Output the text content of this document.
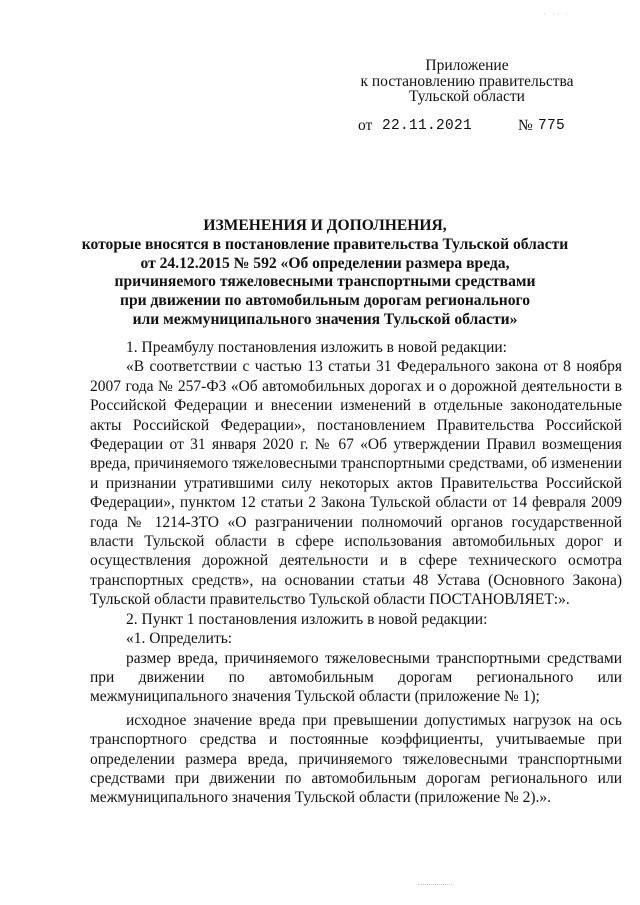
· ·· ·
Приложение
к постановлению правительства
Тульской области
от 22.11.2021	№ 775
ИЗМЕНЕНИЯ И ДОПОЛНЕНИЯ,
которые вносятся в постановление правительства Тульской области
от 24.12.2015 № 592 «Об определении размера вреда,
причиняемого тяжеловесными транспортными средствами
при движении по автомобильным дорогам регионального
или межмуниципального значения Тульской области»

1. Преамбулу постановления изложить в новой редакции:

«В соответствии с частью 13 статьи 31 Федерального закона от 8 ноября 2007 года № 257-ФЗ «Об автомобильных дорогах и о дорожной деятельности в Российской Федерации и внесении изменений в отдельные законодательные акты Российской Федерации», постановлением Правительства Российской Федерации от 31 января 2020 г. № 67 «Об утверждении Правил возмещения вреда, причиняемого тяжеловесными транспортными средствами, об изменении и признании утратившими силу некоторых актов Правительства Российской Федерации», пунктом 12 статьи 2 Закона Тульской области от 14 февраля 2009 года № 1214-ЗТО «О разграничении полномочий органов государственной власти Тульской области в сфере использования автомобильных дорог и осуществления дорожной деятельности и в сфере технического осмотра транспортных средств», на основании статьи 48 Устава (Основного Закона) Тульской области правительство Тульской области ПОСТАНОВЛЯЕТ:».

2. Пункт 1 постановления изложить в новой редакции:

«1. Определить:

размер вреда, причиняемого тяжеловесными транспортными средствами при движении по автомобильным дорогам регионального или межмуниципального значения Тульской области (приложение № 1);

исходное значение вреда при превышении допустимых нагрузок на ось транспортного средства и постоянные коэффициенты, учитываемые при определении размера вреда, причиняемого тяжеловесными транспортными средствами при движении по автомобильным дорогам регионального или межмуниципального значения Тульской области (приложение № 2).».
